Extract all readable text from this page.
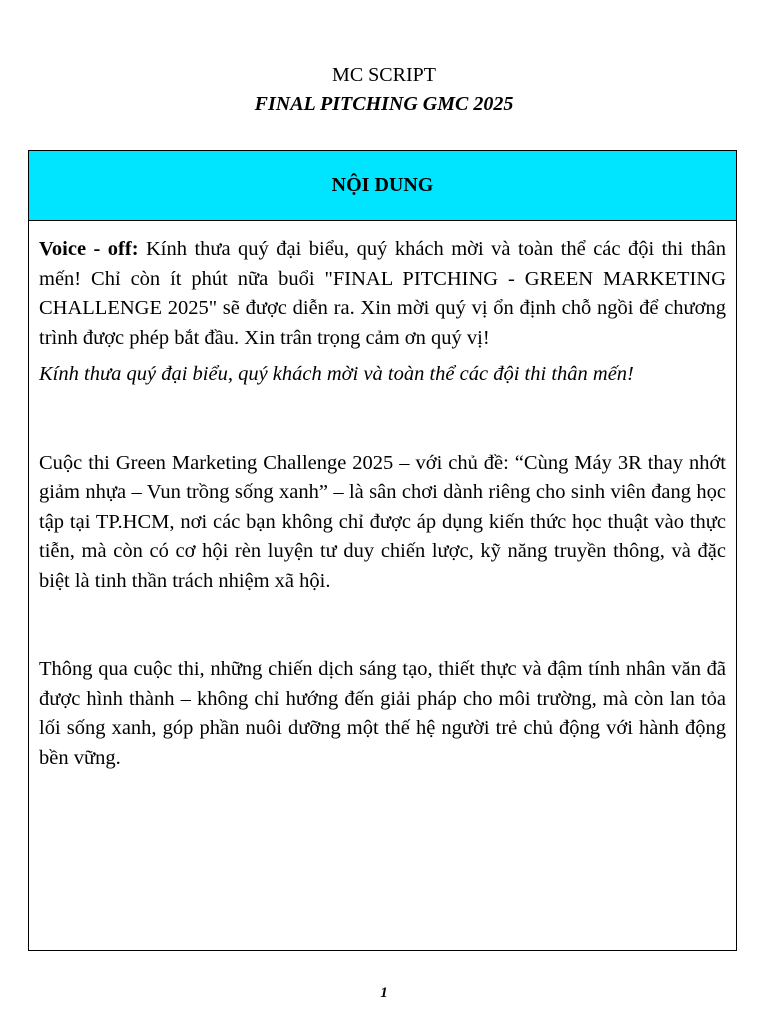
MC SCRIPT
FINAL PITCHING GMC 2025
NỘI DUNG

Voice - off: Kính thưa quý đại biểu, quý khách mời và toàn thể các đội thi thân mến! Chỉ còn ít phút nữa buổi "FINAL PITCHING - GREEN MARKETING CHALLENGE 2025" sẽ được diễn ra. Xin mời quý vị ổn định chỗ ngồi để chương trình được phép bắt đầu. Xin trân trọng cảm ơn quý vị!

Kính thưa quý đại biểu, quý khách mời và toàn thể các đội thi thân mến!

Cuộc thi Green Marketing Challenge 2025 – với chủ đề: “Cùng Máy 3R thay nhớt giảm nhựa – Vun trồng sống xanh” – là sân chơi dành riêng cho sinh viên đang học tập tại TP.HCM, nơi các bạn không chỉ được áp dụng kiến thức học thuật vào thực tiễn, mà còn có cơ hội rèn luyện tư duy chiến lược, kỹ năng truyền thông, và đặc biệt là tinh thần trách nhiệm xã hội.

Thông qua cuộc thi, những chiến dịch sáng tạo, thiết thực và đậm tính nhân văn đã được hình thành – không chỉ hướng đến giải pháp cho môi trường, mà còn lan tỏa lối sống xanh, góp phần nuôi dưỡng một thế hệ người trẻ chủ động với hành động bền vững.

1
